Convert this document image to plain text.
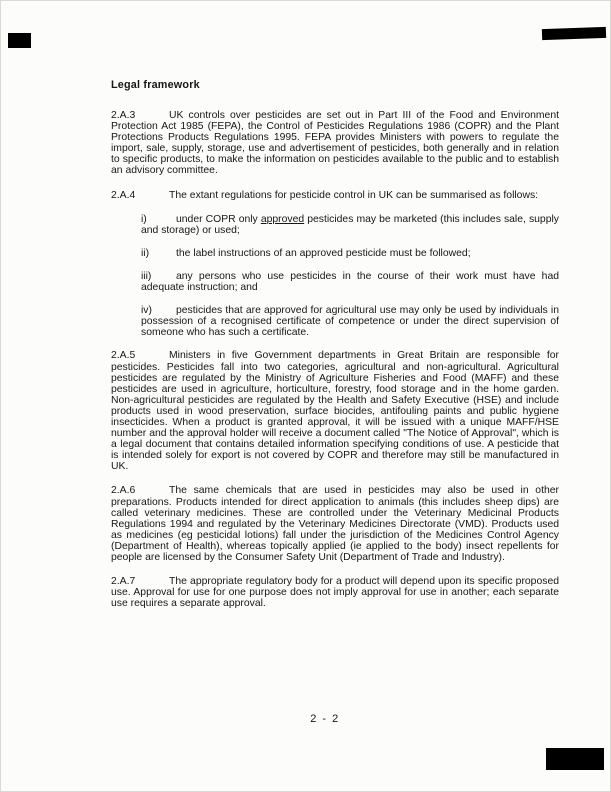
Legal framework

2.A.3	UK controls over pesticides are set out in Part III of the Food and Environment Protection Act 1985 (FEPA), the Control of Pesticides Regulations 1986 (COPR) and the Plant Protections Products Regulations 1995. FEPA provides Ministers with powers to regulate the import, sale, supply, storage, use and advertisement of pesticides, both generally and in relation to specific products, to make the information on pesticides available to the public and to establish an advisory committee.

2.A.4	The extant regulations for pesticide control in UK can be summarised as follows:

i)	under COPR only approved pesticides may be marketed (this includes sale, supply and storage) or used;

ii)	the label instructions of an approved pesticide must be followed;

iii) any persons who use pesticides in the course of their work must have had adequate instruction; and

iv) pesticides that are approved for agricultural use may only be used by individuals in possession of a recognised certificate of competence or under the direct supervision of someone who has such a certificate.

2.A.5	Ministers in five Government departments in Great Britain are responsible for pesticides. Pesticides fall into two categories, agricultural and non-agricultural. Agricultural pesticides are regulated by the Ministry of Agriculture Fisheries and Food (MAFF) and these pesticides are used in agriculture, horticulture, forestry, food storage and in the home garden. Non-agricultural pesticides are regulated by the Health and Safety Executive (HSE) and include products used in wood preservation, surface biocides, antifouling paints and public hygiene insecticides. When a product is granted approval, it will be issued with a unique MAFF/HSE number and the approval holder will receive a document called "The Notice of Approval", which is a legal document that contains detailed information specifying conditions of use. A pesticide that is intended solely for export is not covered by COPR and therefore may still be manufactured in UK.

2.A.6	The same chemicals that are used in pesticides may also be used in other preparations. Products intended for direct application to animals (this includes sheep dips) are called veterinary medicines. These are controlled under the Veterinary Medicinal Products Regulations 1994 and regulated by the Veterinary Medicines Directorate (VMD). Products used as medicines (eg pesticidal lotions) fall under the jurisdiction of the Medicines Control Agency (Department of Health), whereas topically applied (ie applied to the body) insect repellents for people are licensed by the Consumer Safety Unit (Department of Trade and Industry).

2.A.7	The appropriate regulatory body for a product will depend upon its specific proposed use. Approval for use for one purpose does not imply approval for use in another; each separate use requires a separate approval.

2 - 2
